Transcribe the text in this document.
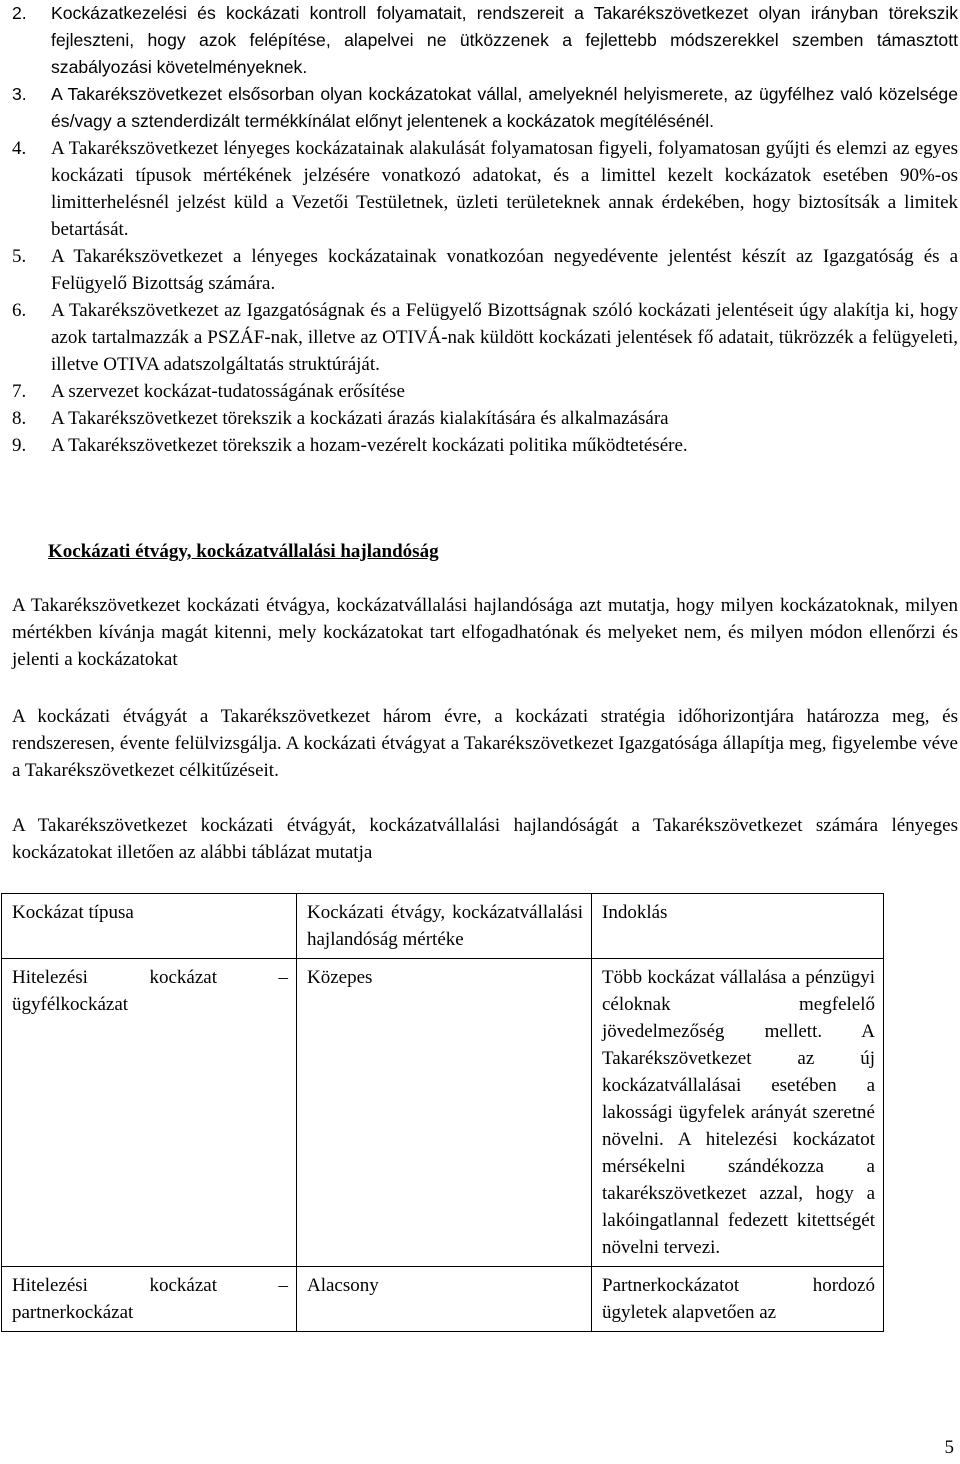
2. Kockázatkezelési és kockázati kontroll folyamatait, rendszereit a Takarékszövetkezet olyan irányban törekszik fejleszteni, hogy azok felépítése, alapelvei ne ütközzenek a fejlettebb módszerekkel szemben támasztott szabályozási követelményeknek.
3. A Takarékszövetkezet elsősorban olyan kockázatokat vállal, amelyeknél helyismerete, az ügyfélhez való közelsége és/vagy a sztenderdizált termékkínálat előnyt jelentenek a kockázatok megítélésénél.
4. A Takarékszövetkezet lényeges kockázatainak alakulását folyamatosan figyeli, folyamatosan gyűjti és elemzi az egyes kockázati típusok mértékének jelzésére vonatkozó adatokat, és a limittel kezelt kockázatok esetében 90%-os limitterhelésnél jelzést küld a Vezetői Testületnek, üzleti területeknek annak érdekében, hogy biztosítsák a limitek betartását.
5. A Takarékszövetkezet a lényeges kockázatainak vonatkozóan negyedévente jelentést készít az Igazgatóság és a Felügyelő Bizottság számára.
6. A Takarékszövetkezet az Igazgatóságnak és a Felügyelő Bizottságnak szóló kockázati jelentéseit úgy alakítja ki, hogy azok tartalmazzák a PSZÁF-nak, illetve az OTIVÁ-nak küldött kockázati jelentések fő adatait, tükrözzék a felügyeleti, illetve OTIVA adatszolgáltatás struktúráját.
7. A szervezet kockázat-tudatosságának erősítése
8. A Takarékszövetkezet törekszik a kockázati árazás kialakítására és alkalmazására
9. A Takarékszövetkezet törekszik a hozam-vezérelt kockázati politika működtetésére.
Kockázati étvágy, kockázatvállalási hajlandóság

A Takarékszövetkezet kockázati étvágya, kockázatvállalási hajlandósága azt mutatja, hogy milyen kockázatoknak, milyen mértékben kívánja magát kitenni, mely kockázatokat tart elfogadhatónak és melyeket nem, és milyen módon ellenőrzi és jelenti a kockázatokat

A kockázati étvágyát a Takarékszövetkezet három évre, a kockázati stratégia időhorizontjára határozza meg, és rendszeresen, évente felülvizsgálja. A kockázati étvágyat a Takarékszövetkezet Igazgatósága állapítja meg, figyelembe véve a Takarékszövetkezet célkitűzéseit.

A Takarékszövetkezet kockázati étvágyát, kockázatvállalási hajlandóságát a Takarékszövetkezet számára lényeges kockázatokat illetően az alábbi táblázat mutatja

Kockázat típusa	Kockázati étvágy, kockázatvállalási hajlandóság mértéke	Indoklás
Hitelezési kockázat – ügyfélkockázat	Közepes	Több kockázat vállalása a pénzügyi céloknak megfelelő jövedelmezőség mellett. A Takarékszövetkezet az új kockázatvállalásai esetében a lakossági ügyfelek arányát szeretné növelni. A hitelezési kockázatot mérsékelni szándékozza a takarékszövetkezet azzal, hogy a lakóingatlannal fedezett kitettségét növelni tervezi.
Hitelezési kockázat – partnerkockázat	Alacsony	Partnerkockázatot hordozó ügyletek alapvetően az

5
